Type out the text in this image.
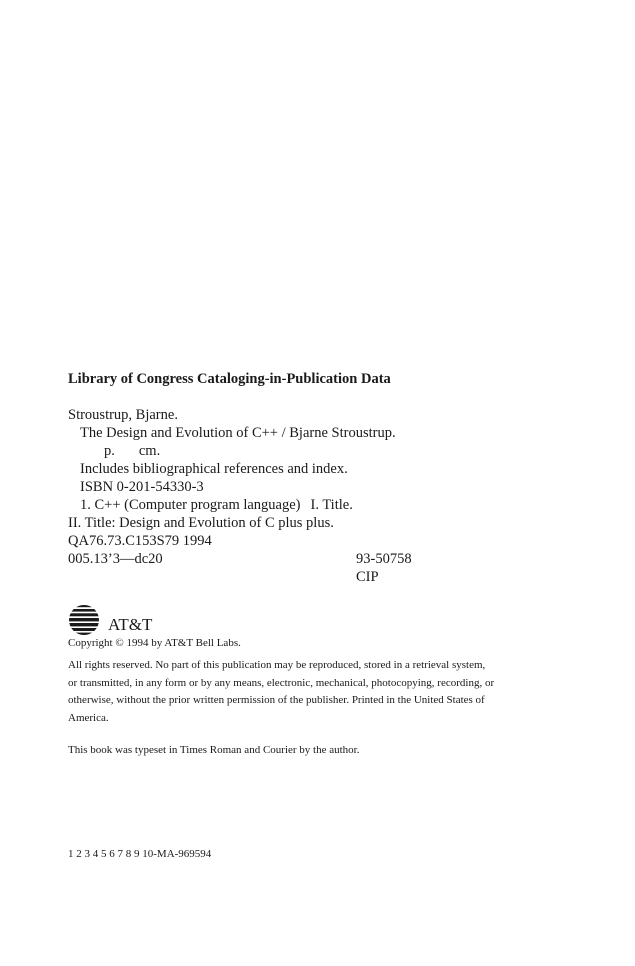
Library of Congress Cataloging-in-Publication Data
Stroustrup, Bjarne.
The Design and Evolution of C++ / Bjarne Stroustrup.
p. cm.
Includes bibliographical references and index.
ISBN 0-201-54330-3
1. C++ (Computer program language) I. Title.
II. Title: Design and Evolution of C plus plus.
QA76.73.C153S79 1994
005.13’3—dc20	93-50758
CIP
AT&T
Copyright © 1994 by AT&T Bell Labs.
All rights reserved. No part of this publication may be reproduced, stored in a retrieval system,
or transmitted, in any form or by any means, electronic, mechanical, photocopying, recording, or
otherwise, without the prior written permission of the publisher. Printed in the United States of
America.
This book was typeset in Times Roman and Courier by the author.
1 2 3 4 5 6 7 8 9 10-MA-969594
